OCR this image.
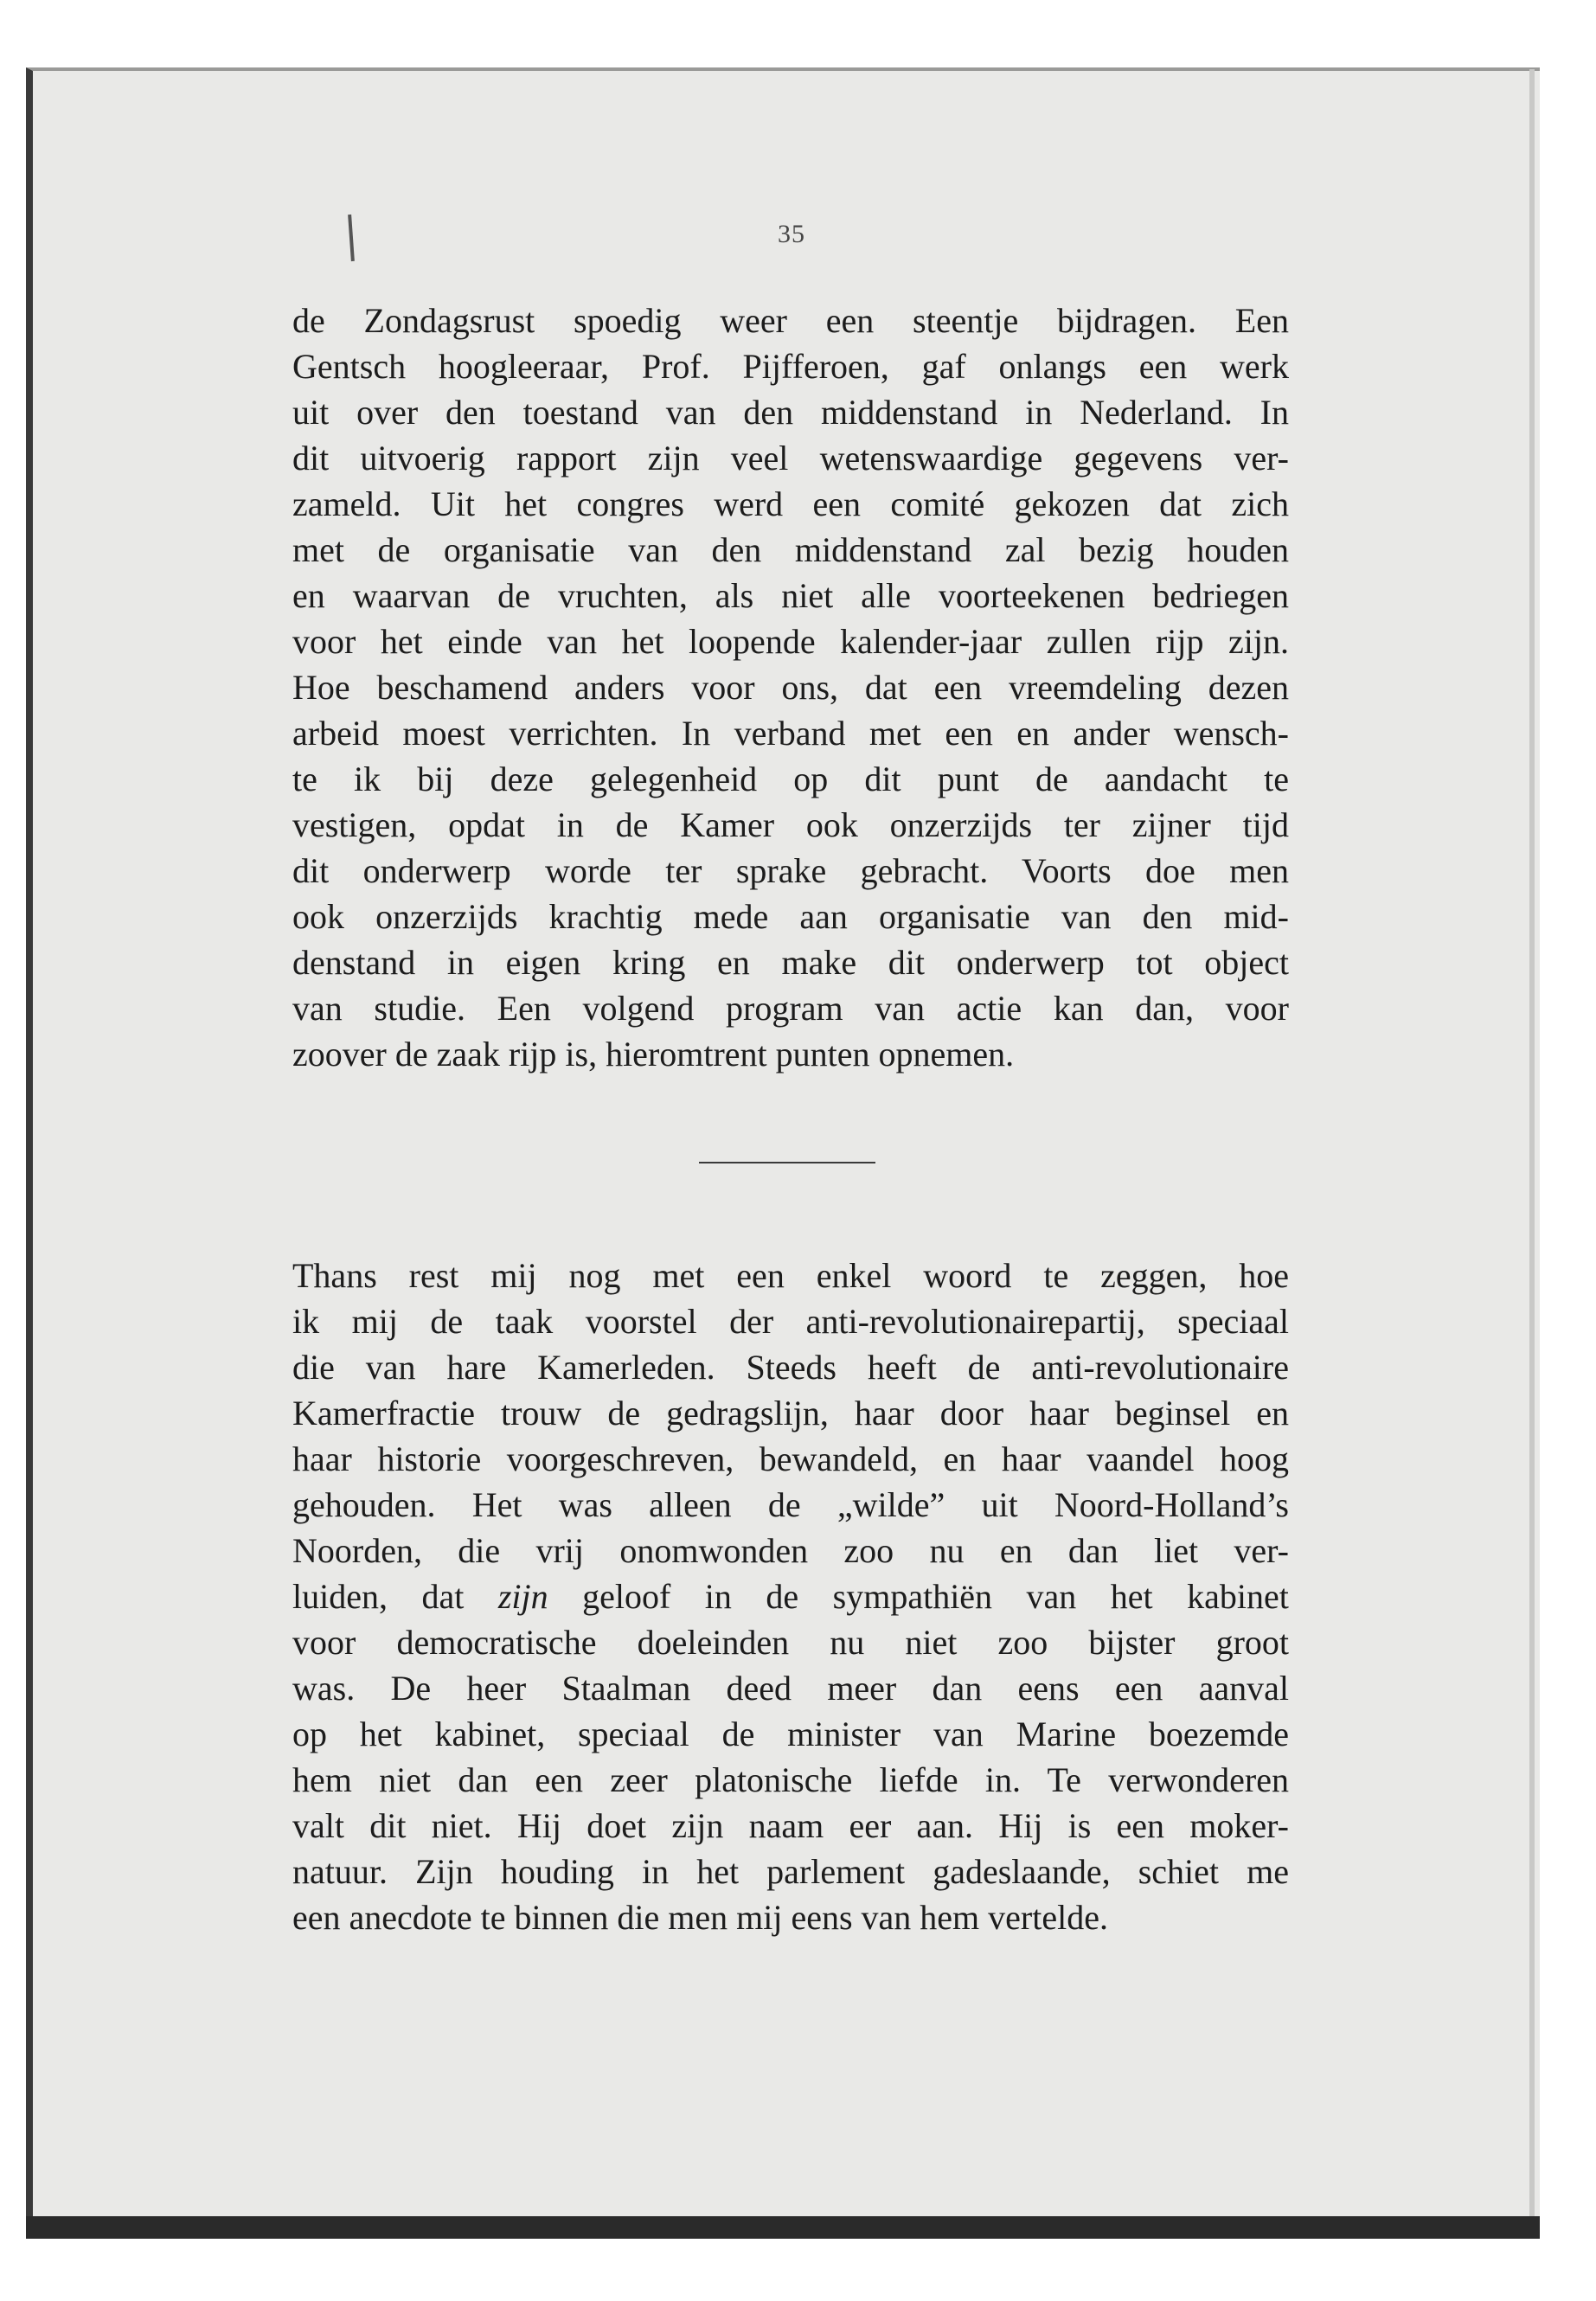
35
de Zondagsrust spoedig weer een steentje bijdragen. Een
Gentsch hoogleeraar, Prof. Pijfferoen, gaf onlangs een werk
uit over den toestand van den middenstand in Nederland. In
dit uitvoerig rapport zijn veel wetenswaardige gegevens ver-
zameld. Uit het congres werd een comité gekozen dat zich
met de organisatie van den middenstand zal bezig houden
en waarvan de vruchten, als niet alle voorteekenen bedriegen
voor het einde van het loopende kalender-jaar zullen rijp zijn.
Hoe beschamend anders voor ons, dat een vreemdeling dezen
arbeid moest verrichten. In verband met een en ander wensch-
te ik bij deze gelegenheid op dit punt de aandacht te
vestigen, opdat in de Kamer ook onzerzijds ter zijner tijd
dit onderwerp worde ter sprake gebracht. Voorts doe men
ook onzerzijds krachtig mede aan organisatie van den mid-
denstand in eigen kring en make dit onderwerp tot object
van studie. Een volgend program van actie kan dan, voor
zoover de zaak rijp is, hieromtrent punten opnemen.
Thans rest mij nog met een enkel woord te zeggen, hoe
ik mij de taak voorstel der anti-revolutionairepartij, speciaal
die van hare Kamerleden. Steeds heeft de anti-revolutionaire
Kamerfractie trouw de gedragslijn, haar door haar beginsel en
haar historie voorgeschreven, bewandeld, en haar vaandel hoog
gehouden. Het was alleen de „wilde” uit Noord-Holland’s
Noorden, die vrij onomwonden zoo nu en dan liet ver-
luiden, dat zijn geloof in de sympathiën van het kabinet
voor democratische doeleinden nu niet zoo bijster groot
was. De heer Staalman deed meer dan eens een aanval
op het kabinet, speciaal de minister van Marine boezemde
hem niet dan een zeer platonische liefde in. Te verwonderen
valt dit niet. Hij doet zijn naam eer aan. Hij is een moker-
natuur. Zijn houding in het parlement gadeslaande, schiet me
een anecdote te binnen die men mij eens van hem vertelde.
